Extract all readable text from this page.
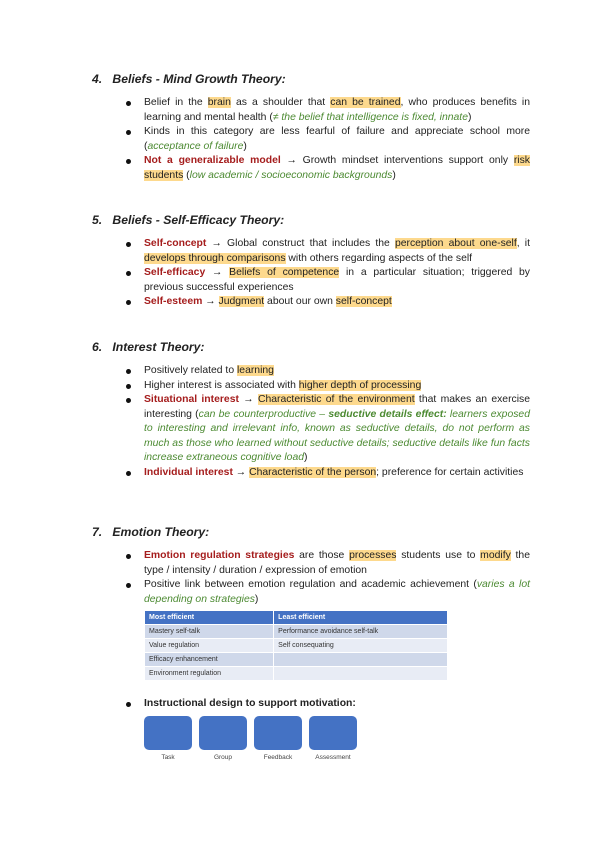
4. Beliefs - Mind Growth Theory:
Belief in the brain as a shoulder that can be trained, who produces benefits in learning and mental health (≠ the belief that intelligence is fixed, innate)
Kinds in this category are less fearful of failure and appreciate school more (acceptance of failure)
Not a generalizable model → Growth mindset interventions support only risk students (low academic / socioeconomic backgrounds)
5. Beliefs - Self-Efficacy Theory:
Self-concept → Global construct that includes the perception about one-self, it develops through comparisons with others regarding aspects of the self
Self-efficacy → Beliefs of competence in a particular situation; triggered by previous successful experiences
Self-esteem → Judgment about our own self-concept
6. Interest Theory:
Positively related to learning
Higher interest is associated with higher depth of processing
Situational interest → Characteristic of the environment that makes an exercise interesting (can be counterproductive – seductive details effect: learners exposed to interesting and irrelevant info, known as seductive details, do not perform as much as those who learned without seductive details; seductive details like fun facts increase extraneous cognitive load)
Individual interest → Characteristic of the person; preference for certain activities
7. Emotion Theory:
Emotion regulation strategies are those processes students use to modify the type / intensity / duration / expression of emotion
Positive link between emotion regulation and academic achievement (varies a lot depending on strategies)
Most efficient	Least efficient
Mastery self-talk	Performance avoidance self-talk
Value regulation	Self consequating
Efficacy enhancement	
Environment regulation	
Instructional design to support motivation:
Task	Group	Feedback	Assessment
